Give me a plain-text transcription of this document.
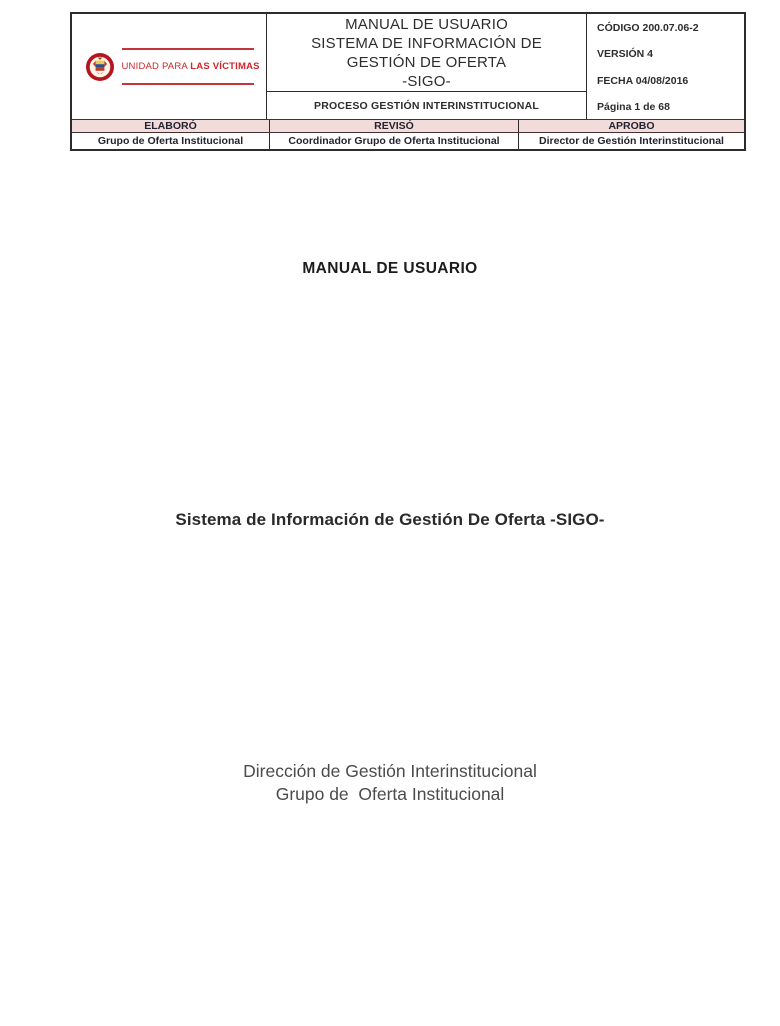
UNIDAD PARA LAS VÍCTIMAS
MANUAL DE USUARIO
SISTEMA DE INFORMACIÓN DE
GESTIÓN DE OFERTA
-SIGO-
PROCESO GESTIÓN INTERINSTITUCIONAL
CÓDIGO 200.07.06-2
VERSIÓN 4
FECHA 04/08/2016
Página 1 de 68
ELABORÓ	REVISÓ	APROBO
Grupo de Oferta Institucional	Coordinador Grupo de Oferta Institucional	Director de Gestión Interinstitucional
MANUAL DE USUARIO
Sistema de Información de Gestión De Oferta -SIGO-
Dirección de Gestión Interinstitucional
Grupo de  Oferta Institucional
